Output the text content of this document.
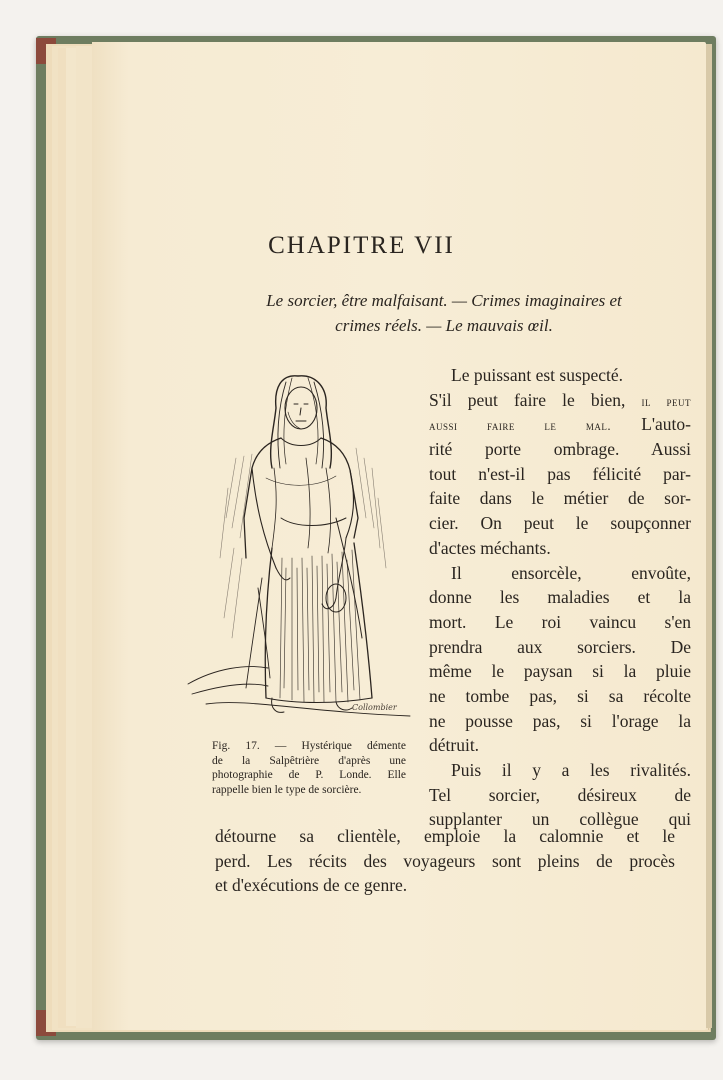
CHAPITRE VII
Le sorcier, être malfaisant. — Crimes imaginaires et
crimes réels. — Le mauvais œil.
Collombier
Fig. 17. — Hystérique démente
de la Salpêtrière d'après une
photographie de P. Londe. Elle
rappelle bien le type de sorcière.
Le puissant est suspecté.
S'il peut faire le bien, il peut
aussi faire le mal. L'auto-
rité porte ombrage. Aussi
tout n'est-il pas félicité par-
faite dans le métier de sor-
cier. On peut le soupçonner
d'actes méchants.
Il ensorcèle, envoûte,
donne les maladies et la
mort. Le roi vaincu s'en
prendra aux sorciers. De
même le paysan si la pluie
ne tombe pas, si sa récolte
ne pousse pas, si l'orage la
détruit.
Puis il y a les rivalités.
Tel sorcier, désireux de
supplanter un collègue qui
détourne sa clientèle, emploie la calomnie et le
perd. Les récits des voyageurs sont pleins de procès
et d'exécutions de ce genre.
